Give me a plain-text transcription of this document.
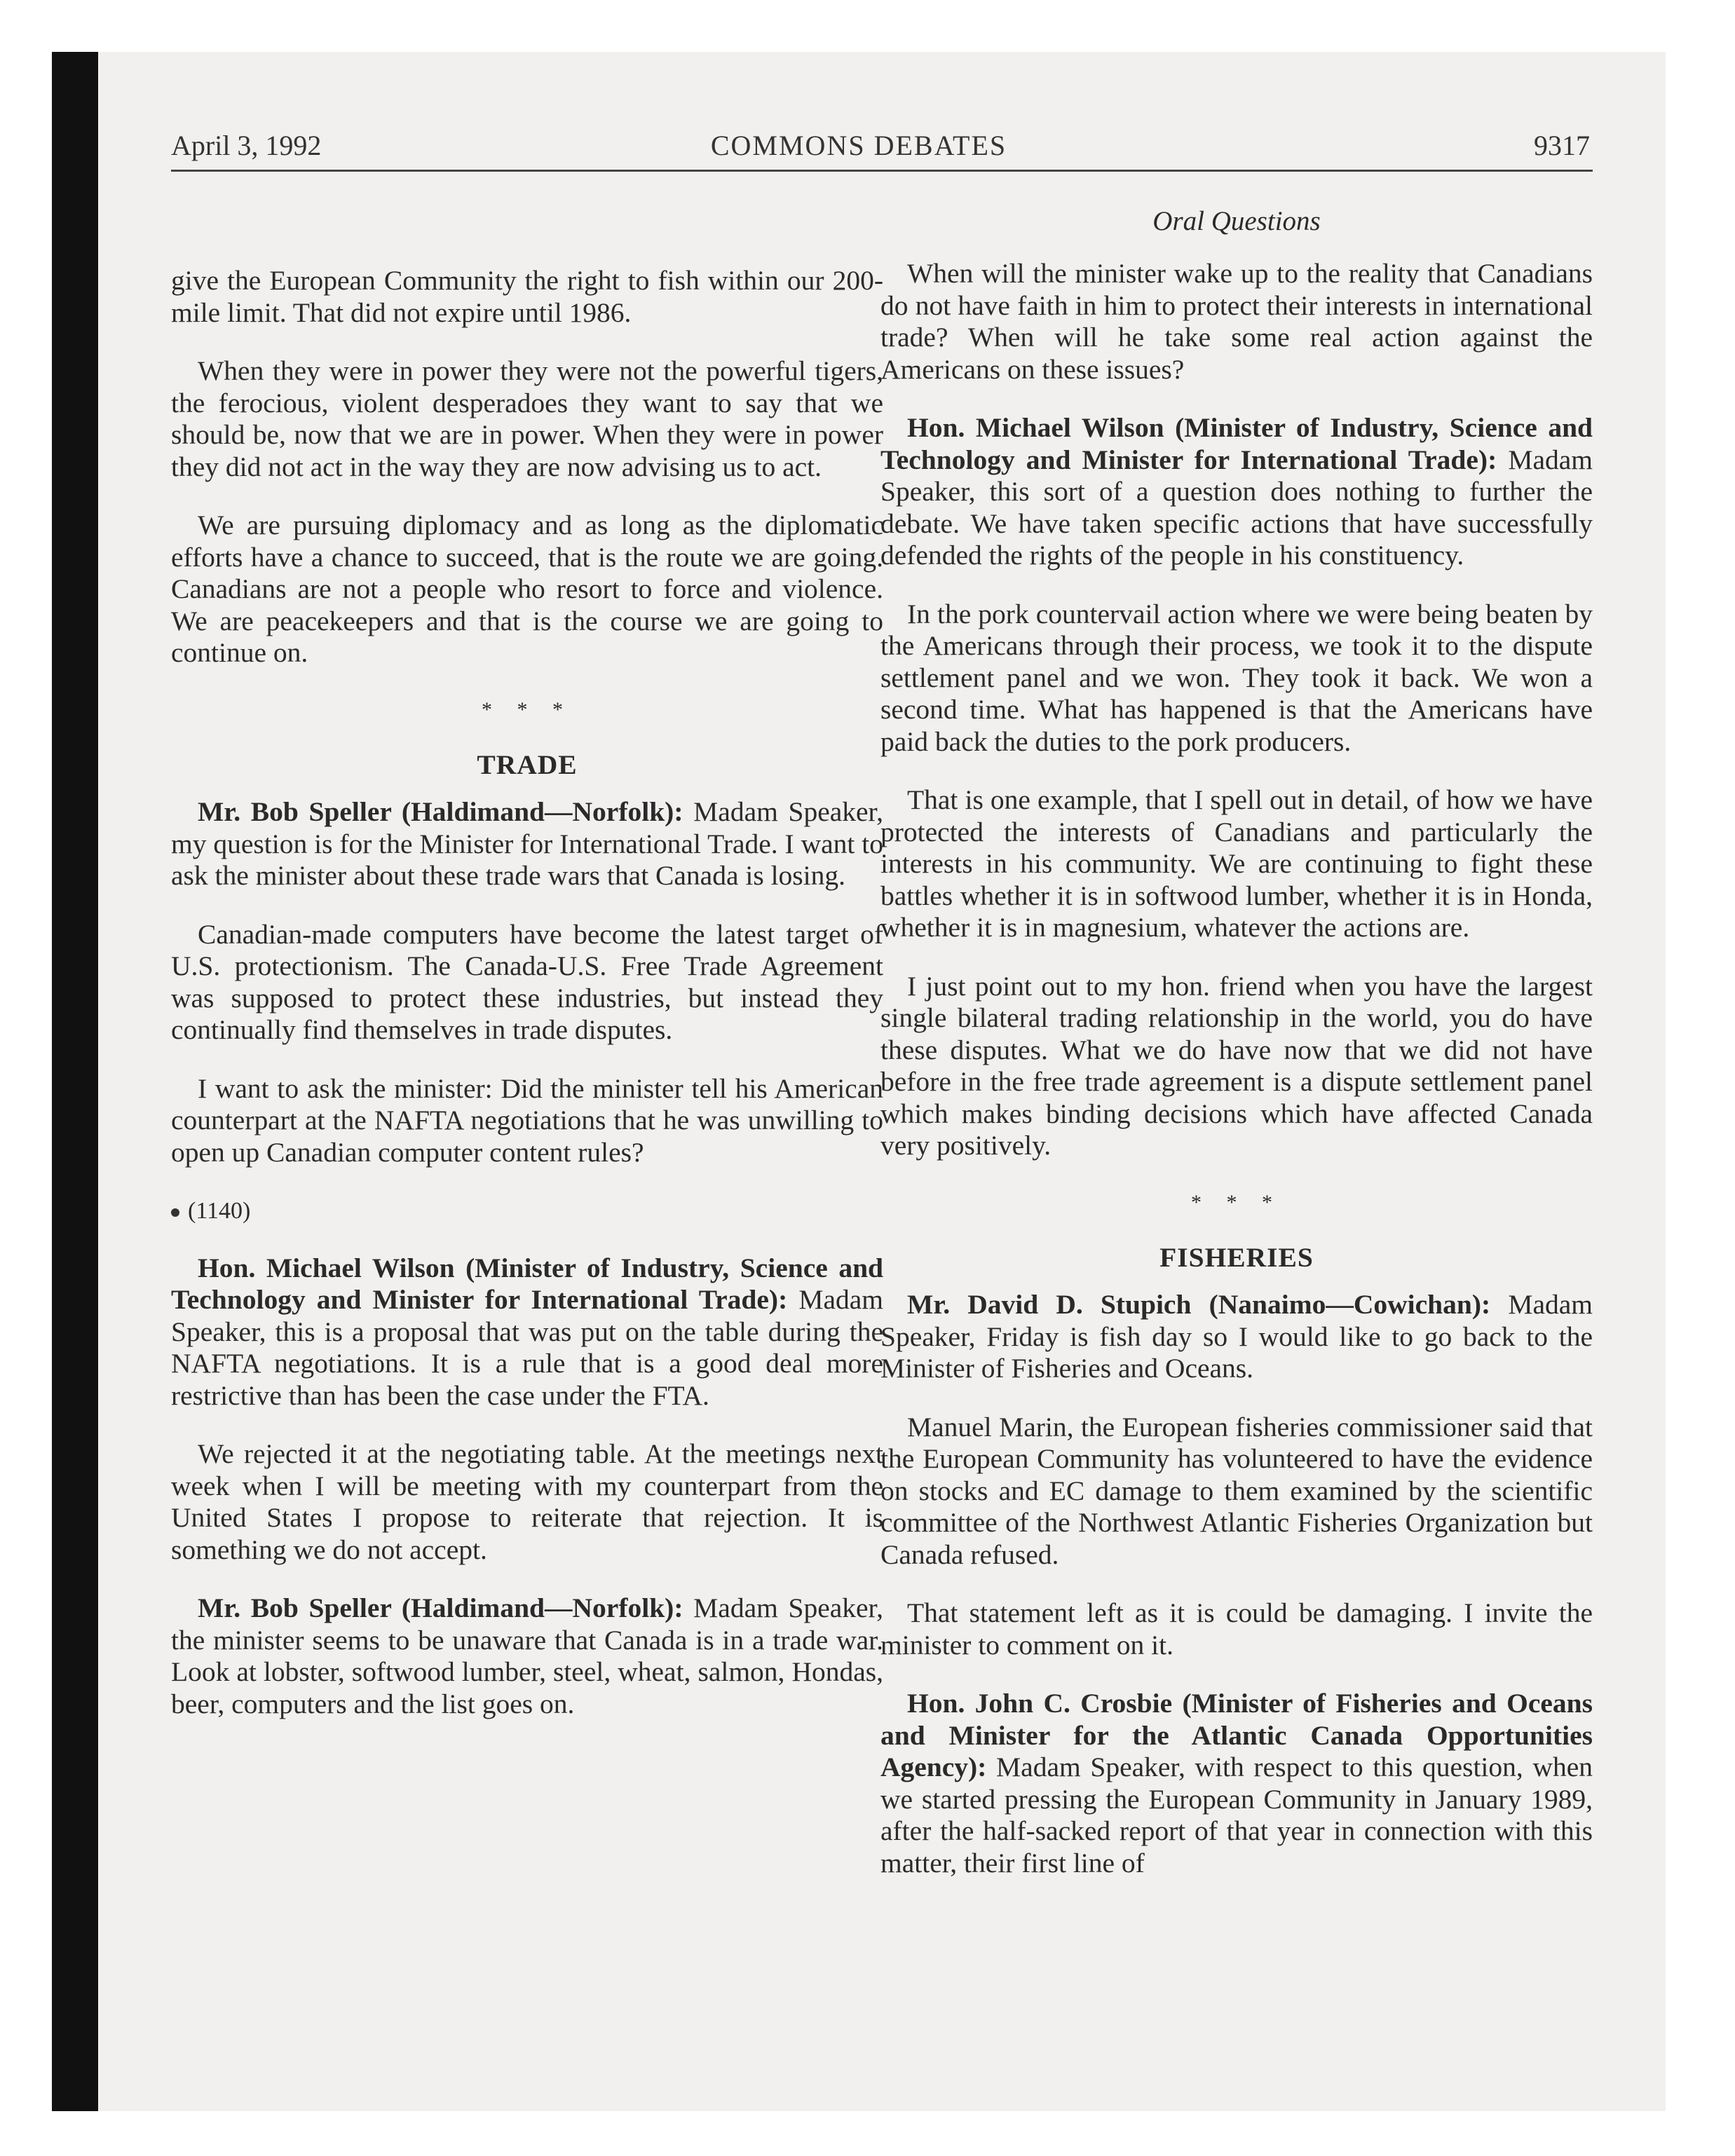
April 3, 1992	COMMONS DEBATES	9317
Oral Questions

give the European Community the right to fish within our 200-mile limit. That did not expire until 1986.

When they were in power they were not the powerful tigers, the ferocious, violent desperadoes they want to say that we should be, now that we are in power. When they were in power they did not act in the way they are now advising us to act.

We are pursuing diplomacy and as long as the diplomatic efforts have a chance to succeed, that is the route we are going. Canadians are not a people who resort to force and violence. We are peacekeepers and that is the course we are going to continue on.

* * *
TRADE

Mr. Bob Speller (Haldimand—Norfolk): Madam Speaker, my question is for the Minister for International Trade. I want to ask the minister about these trade wars that Canada is losing.

Canadian-made computers have become the latest target of U.S. protectionism. The Canada-U.S. Free Trade Agreement was supposed to protect these industries, but instead they continually find themselves in trade disputes.

I want to ask the minister: Did the minister tell his American counterpart at the NAFTA negotiations that he was unwilling to open up Canadian computer content rules?

(1140)

Hon. Michael Wilson (Minister of Industry, Science and Technology and Minister for International Trade): Madam Speaker, this is a proposal that was put on the table during the NAFTA negotiations. It is a rule that is a good deal more restrictive than has been the case under the FTA.

We rejected it at the negotiating table. At the meetings next week when I will be meeting with my counterpart from the United States I propose to reiterate that rejection. It is something we do not accept.

Mr. Bob Speller (Haldimand—Norfolk): Madam Speaker, the minister seems to be unaware that Canada is in a trade war. Look at lobster, softwood lumber, steel, wheat, salmon, Hondas, beer, computers and the list goes on.

When will the minister wake up to the reality that Canadians do not have faith in him to protect their interests in international trade? When will he take some real action against the Americans on these issues?

Hon. Michael Wilson (Minister of Industry, Science and Technology and Minister for International Trade): Madam Speaker, this sort of a question does nothing to further the debate. We have taken specific actions that have successfully defended the rights of the people in his constituency.

In the pork countervail action where we were being beaten by the Americans through their process, we took it to the dispute settlement panel and we won. They took it back. We won a second time. What has happened is that the Americans have paid back the duties to the pork producers.

That is one example, that I spell out in detail, of how we have protected the interests of Canadians and particularly the interests in his community. We are continuing to fight these battles whether it is in softwood lumber, whether it is in Honda, whether it is in magnesium, whatever the actions are.

I just point out to my hon. friend when you have the largest single bilateral trading relationship in the world, you do have these disputes. What we do have now that we did not have before in the free trade agreement is a dispute settlement panel which makes binding decisions which have affected Canada very positively.

* * *
FISHERIES

Mr. David D. Stupich (Nanaimo—Cowichan): Madam Speaker, Friday is fish day so I would like to go back to the Minister of Fisheries and Oceans.

Manuel Marin, the European fisheries commissioner said that the European Community has volunteered to have the evidence on stocks and EC damage to them examined by the scientific committee of the Northwest Atlantic Fisheries Organization but Canada refused.

That statement left as it is could be damaging. I invite the minister to comment on it.

Hon. John C. Crosbie (Minister of Fisheries and Oceans and Minister for the Atlantic Canada Opportunities Agency): Madam Speaker, with respect to this question, when we started pressing the European Community in January 1989, after the half-sacked report of that year in connection with this matter, their first line of
